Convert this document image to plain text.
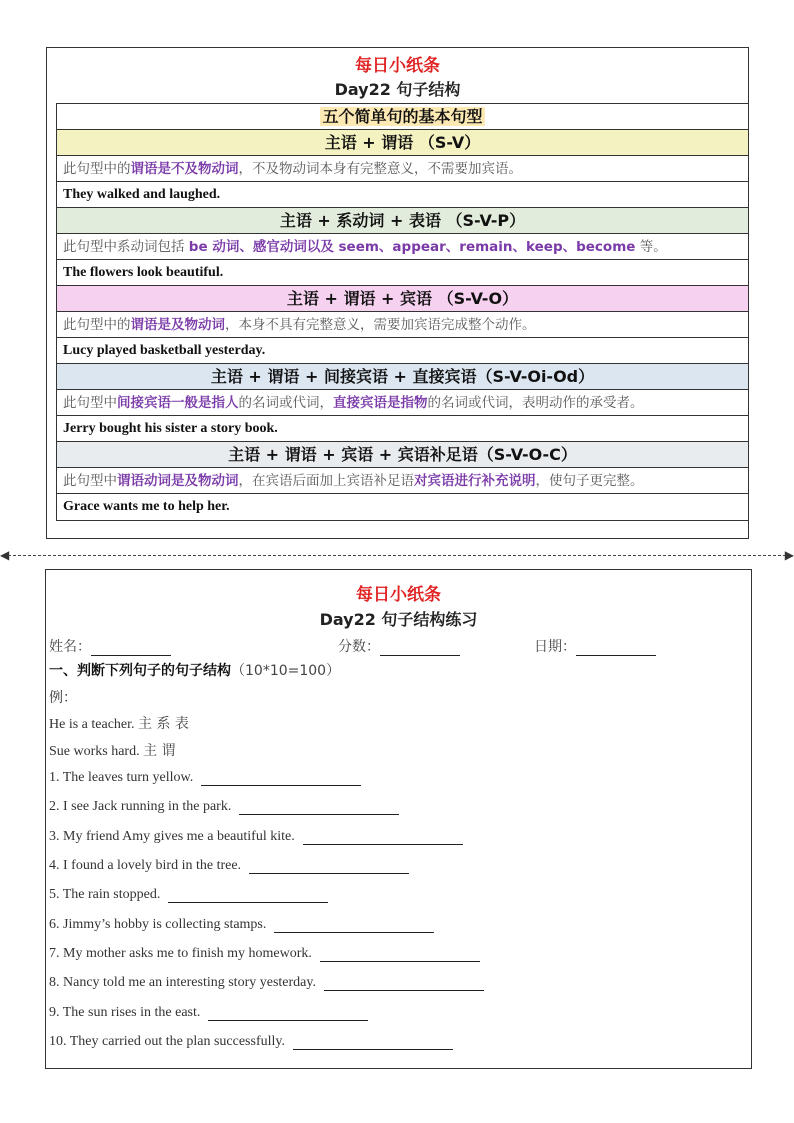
每日小纸条
Day22 句子结构
五个简单句的基本句型
主语 + 谓语 （S-V）
此句型中的谓语是不及物动词，不及物动词本身有完整意义，不需要加宾语。
They walked and laughed.
主语 + 系动词 + 表语 （S-V-P）
此句型中系动词包括 be 动词、感官动词以及 seem、appear、remain、keep、become 等。
The flowers look beautiful.
主语 + 谓语 + 宾语 （S-V-O）
此句型中的谓语是及物动词，本身不具有完整意义，需要加宾语完成整个动作。
Lucy played basketball yesterday.
主语 + 谓语 + 间接宾语 + 直接宾语（S-V-Oi-Od）
此句型中间接宾语一般是指人的名词或代词，直接宾语是指物的名词或代词，表明动作的承受者。
Jerry bought his sister a story book.
主语 + 谓语 + 宾语 + 宾语补足语（S-V-O-C）
此句型中谓语动词是及物动词，在宾语后面加上宾语补足语对宾语进行补充说明，使句子更完整。
Grace wants me to help her.
◀	▶
每日小纸条
Day22 句子结构练习
姓名：	分数：	日期：
一、判断下列句子的句子结构（10*10=100）
例：
He is a teacher. 主 系 表
Sue works hard. 主 谓
1. The leaves turn yellow.
2. I see Jack running in the park.
3. My friend Amy gives me a beautiful kite.
4. I found a lovely bird in the tree.
5. The rain stopped.
6. Jimmy’s hobby is collecting stamps.
7. My mother asks me to finish my homework.
8. Nancy told me an interesting story yesterday.
9. The sun rises in the east.
10. They carried out the plan successfully.
